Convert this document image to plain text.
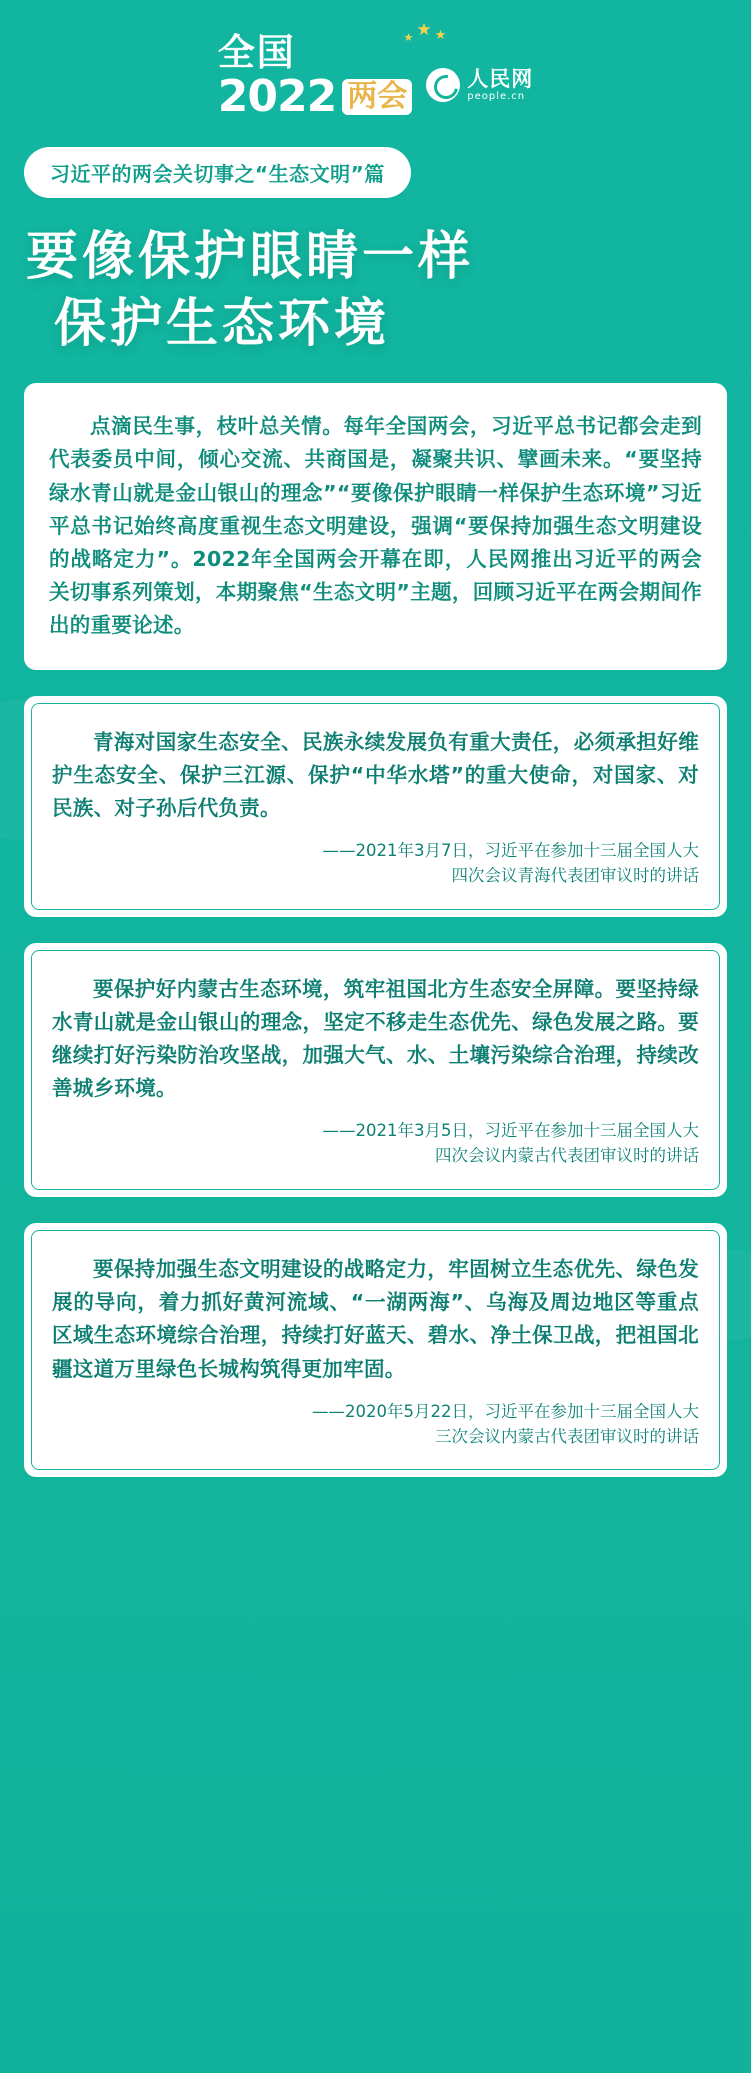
全国
2022 两会
★ ★ ★
人民网
people.cn
习近平的两会关切事之“生态文明”篇
要像保护眼睛一样
保护生态环境

点滴民生事，枝叶总关情。每年全国两会，习近平总书记都会走到代表委员中间，倾心交流、共商国是，凝聚共识、擘画未来。“要坚持绿水青山就是金山银山的理念”“要像保护眼睛一样保护生态环境”习近平总书记始终高度重视生态文明建设，强调“要保持加强生态文明建设的战略定力”。2022年全国两会开幕在即，人民网推出习近平的两会关切事系列策划，本期聚焦“生态文明”主题，回顾习近平在两会期间作出的重要论述。

青海对国家生态安全、民族永续发展负有重大责任，必须承担好维护生态安全、保护三江源、保护“中华水塔”的重大使命，对国家、对民族、对子孙后代负责。

——2021年3月7日，习近平在参加十三届全国人大
四次会议青海代表团审议时的讲话

要保护好内蒙古生态环境，筑牢祖国北方生态安全屏障。要坚持绿水青山就是金山银山的理念，坚定不移走生态优先、绿色发展之路。要继续打好污染防治攻坚战，加强大气、水、土壤污染综合治理，持续改善城乡环境。

——2021年3月5日，习近平在参加十三届全国人大
四次会议内蒙古代表团审议时的讲话

要保持加强生态文明建设的战略定力，牢固树立生态优先、绿色发展的导向，着力抓好黄河流域、“一湖两海”、乌海及周边地区等重点区域生态环境综合治理，持续打好蓝天、碧水、净土保卫战，把祖国北疆这道万里绿色长城构筑得更加牢固。

——2020年5月22日，习近平在参加十三届全国人大
三次会议内蒙古代表团审议时的讲话
